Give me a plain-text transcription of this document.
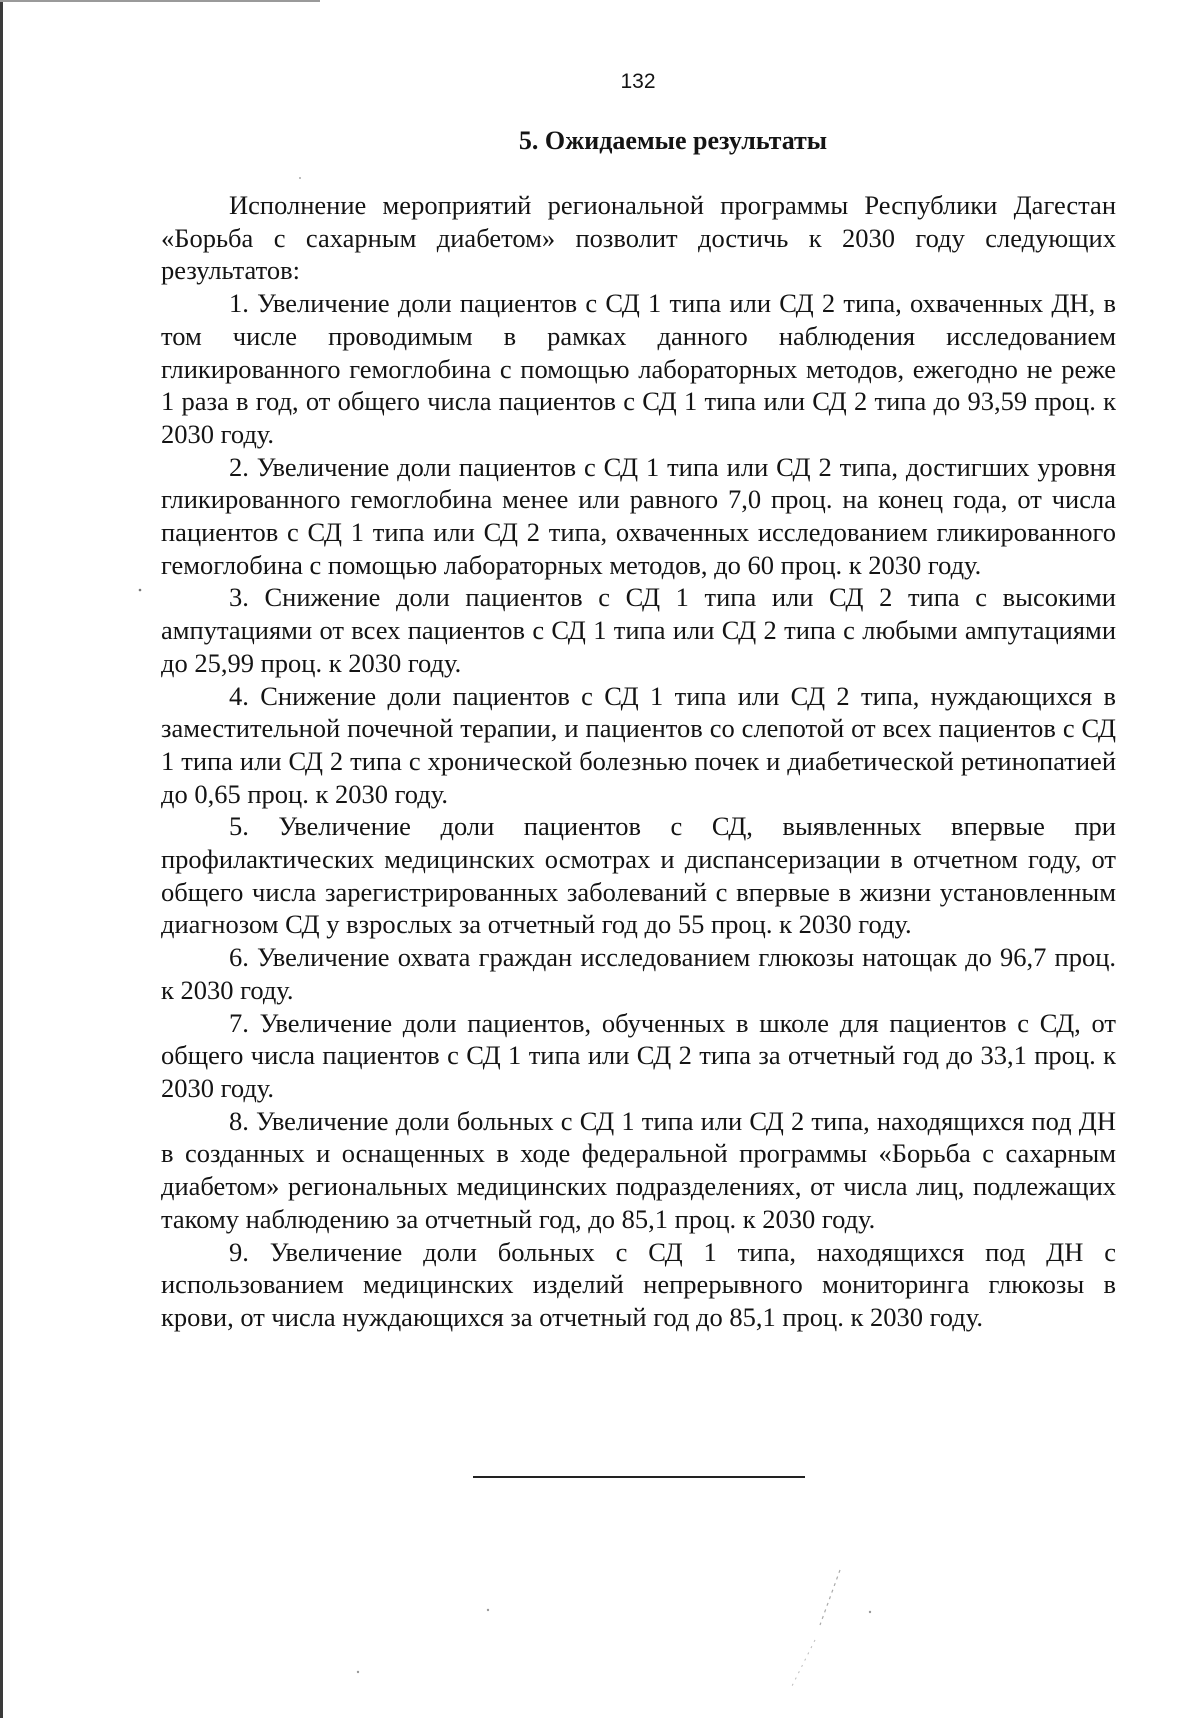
132
5. Ожидаемые результаты

Исполнение мероприятий региональной программы Республики Дагестан «Борьба с сахарным диабетом» позволит достичь к 2030 году следующих результатов:

1. Увеличение доли пациентов с СД 1 типа или СД 2 типа, охваченных ДН, в том числе проводимым в рамках данного наблюдения исследованием гликированного гемоглобина с помощью лабораторных методов, ежегодно не реже 1 раза в год, от общего числа пациентов с СД 1 типа или СД 2 типа до 93,59 проц. к 2030 году.

2. Увеличение доли пациентов с СД 1 типа или СД 2 типа, достигших уровня гликированного гемоглобина менее или равного 7,0 проц. на конец года, от числа пациентов с СД 1 типа или СД 2 типа, охваченных исследованием гликированного гемоглобина с помощью лабораторных методов, до 60 проц. к 2030 году.

3. Снижение доли пациентов с СД 1 типа или СД 2 типа с высокими ампутациями от всех пациентов с СД 1 типа или СД 2 типа с любыми ампутациями до 25,99 проц. к 2030 году.

4. Снижение доли пациентов с СД 1 типа или СД 2 типа, нуждающихся в заместительной почечной терапии, и пациентов со слепотой от всех пациентов с СД 1 типа или СД 2 типа с хронической болезнью почек и диабетической ретинопатией до 0,65 проц. к 2030 году.

5. Увеличение доли пациентов с СД, выявленных впервые при профилактических медицинских осмотрах и диспансеризации в отчетном году, от общего числа зарегистрированных заболеваний с впервые в жизни установленным диагнозом СД у взрослых за отчетный год до 55 проц. к 2030 году.

6. Увеличение охвата граждан исследованием глюкозы натощак до 96,7 проц. к 2030 году.

7. Увеличение доли пациентов, обученных в школе для пациентов с СД, от общего числа пациентов с СД 1 типа или СД 2 типа за отчетный год до 33,1 проц. к 2030 году.

8. Увеличение доли больных с СД 1 типа или СД 2 типа, находящихся под ДН в созданных и оснащенных в ходе федеральной программы «Борьба с сахарным диабетом» региональных медицинских подразделениях, от числа лиц, подлежащих такому наблюдению за отчетный год, до 85,1 проц. к 2030 году.

9. Увеличение доли больных с СД 1 типа, находящихся под ДН с использованием медицинских изделий непрерывного мониторинга глюкозы в крови, от числа нуждающихся за отчетный год до 85,1 проц. к 2030 году.
